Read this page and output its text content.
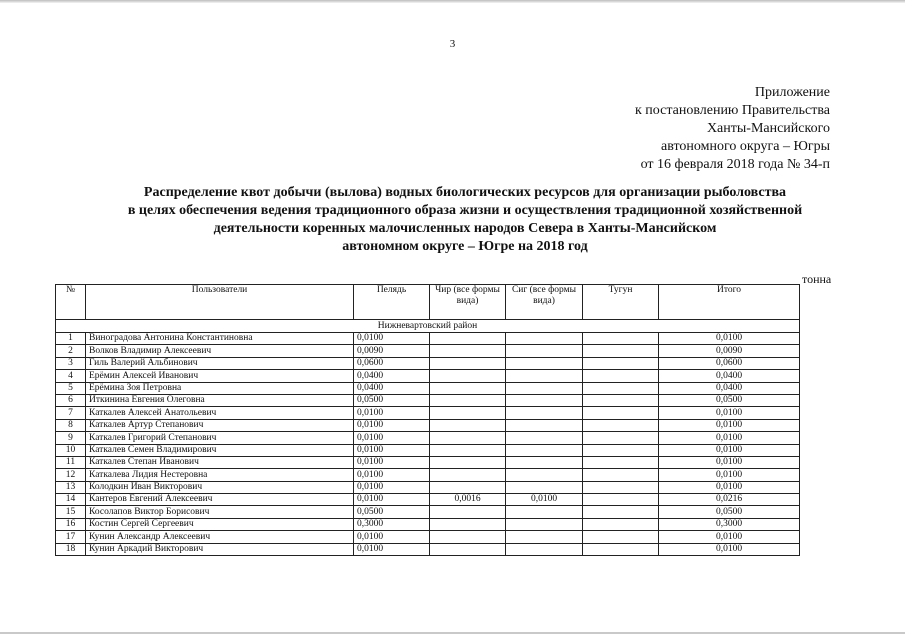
3
Приложение
к постановлению Правительства
Ханты-Мансийского
автономного округа – Югры
от 16 февраля 2018 года № 34-п
Распределение квот добычи (вылова) водных биологических ресурсов для организации рыболовства
в целях обеспечения ведения традиционного образа жизни и осуществления традиционной хозяйственной
деятельности коренных малочисленных народов Севера в Ханты-Мансийском
автономном округе – Югре на 2018 год
тонна
№	Пользователи	Пелядь	Чир (все формы вида)	Сиг (все формы вида)	Тугун	Итого
Нижневартовский район						
1	Виноградова Антонина Константиновна	0,0100				0,0100
2	Волков Владимир Алексеевич	0,0090				0,0090
3	Гиль Валерий Альбинович	0,0600				0,0600
4	Ерёмин Алексей Иванович	0,0400				0,0400
5	Ерёмина Зоя Петровна	0,0400				0,0400
6	Иткинина Евгения Олеговна	0,0500				0,0500
7	Каткалев Алексей Анатольевич	0,0100				0,0100
8	Каткалев Артур Степанович	0,0100				0,0100
9	Каткалев Григорий Степанович	0,0100				0,0100
10	Каткалев Семен Владимирович	0,0100				0,0100
11	Каткалев Степан Иванович	0,0100				0,0100
12	Каткалева Лидия Нестеровна	0,0100				0,0100
13	Колодкин Иван Викторович	0,0100				0,0100
14	Кантеров Евгений Алексеевич	0,0100	0,0016	0,0100		0,0216
15	Косолапов Виктор Борисович	0,0500				0,0500
16	Костин Сергей Сергеевич	0,3000				0,3000
17	Кунин Александр Алексеевич	0,0100				0,0100
18	Кунин Аркадий Викторович	0,0100				0,0100
